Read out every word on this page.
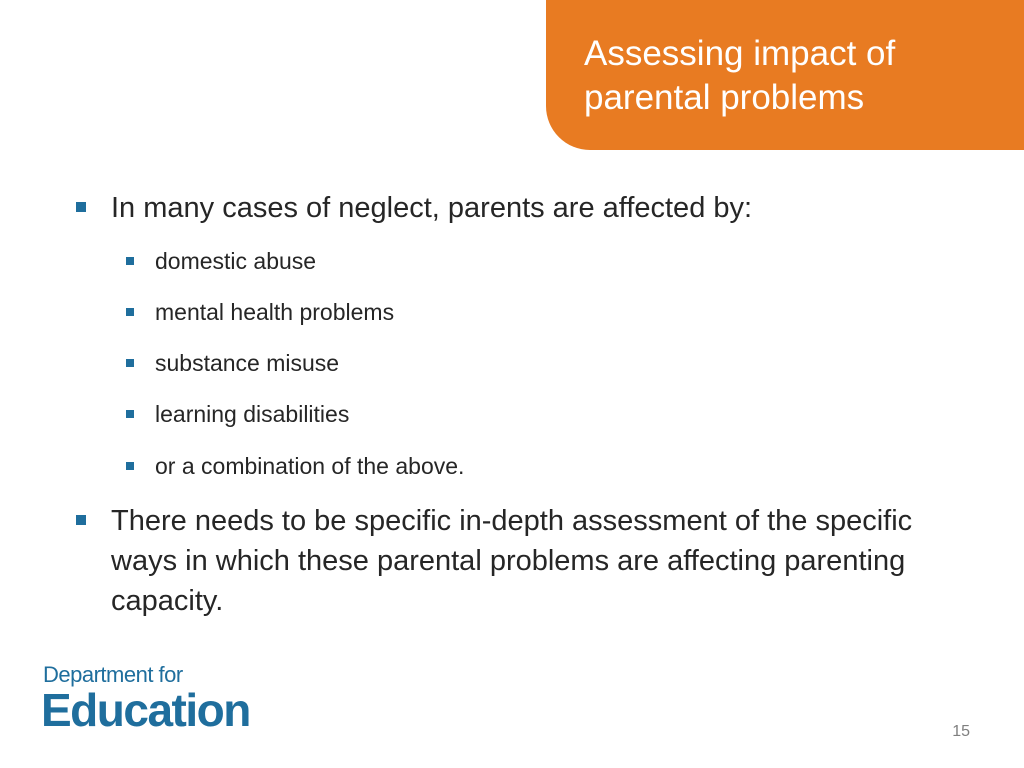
Assessing impact of parental problems
In many cases of neglect, parents are affected by:
domestic abuse
mental health problems
substance misuse
learning disabilities
or a combination of the above.
There needs to be specific in-depth assessment of the specific ways in which these parental problems are affecting parenting capacity.
Department for
Education	15
